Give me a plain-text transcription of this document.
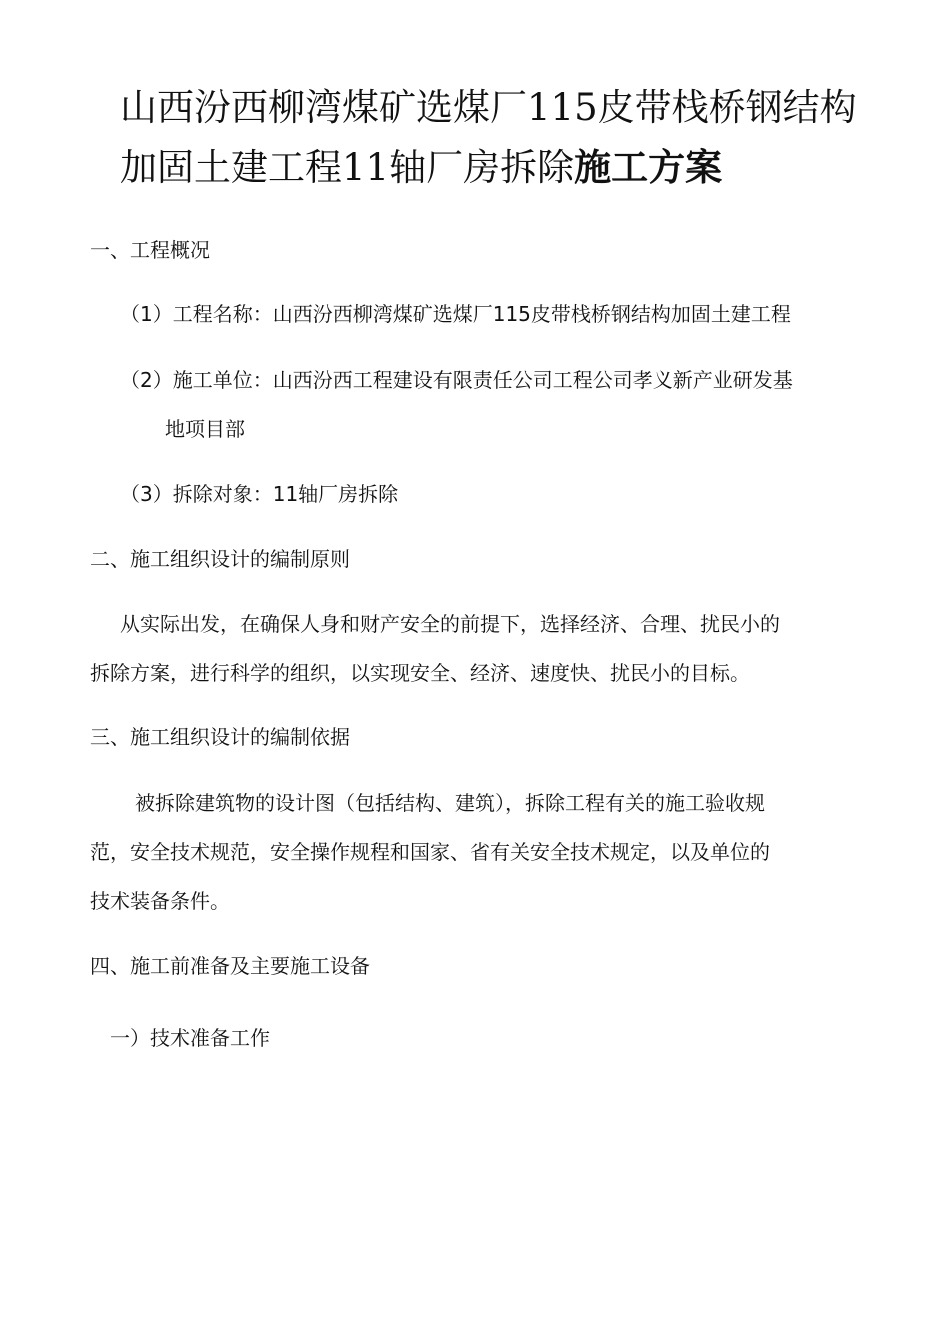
山西汾西柳湾煤矿选煤厂115皮带栈桥钢结构加固土建工程11轴厂房拆除施工方案

一、工程概况

（1）工程名称：山西汾西柳湾煤矿选煤厂115皮带栈桥钢结构加固土建工程

（2）施工单位：山西汾西工程建设有限责任公司工程公司孝义新产业研发基

地项目部

（3）拆除对象：11轴厂房拆除

二、施工组织设计的编制原则

从实际出发，在确保人身和财产安全的前提下，选择经济、合理、扰民小的

拆除方案，进行科学的组织，以实现安全、经济、速度快、扰民小的目标。

三、施工组织设计的编制依据

被拆除建筑物的设计图（包括结构、建筑），拆除工程有关的施工验收规

范，安全技术规范，安全操作规程和国家、省有关安全技术规定，以及单位的

技术装备条件。

四、施工前准备及主要施工设备

一）技术准备工作
